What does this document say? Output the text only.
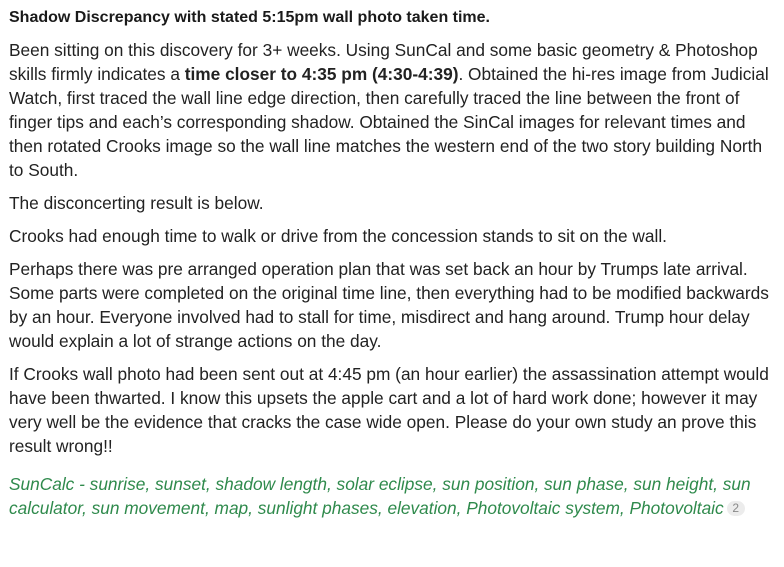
Shadow Discrepancy with stated 5:15pm wall photo taken time.

Been sitting on this discovery for 3+ weeks. Using SunCal and some basic geometry & Photoshop skills firmly indicates a time closer to 4:35 pm (4:30-4:39). Obtained the hi-res image from Judicial Watch, first traced the wall line edge direction, then carefully traced the line between the front of finger tips and each’s corresponding shadow. Obtained the SinCal images for relevant times and then rotated Crooks image so the wall line matches the western end of the two story building North to South.

The disconcerting result is below.

Crooks had enough time to walk or drive from the concession stands to sit on the wall.

Perhaps there was pre arranged operation plan that was set back an hour by Trumps late arrival. Some parts were completed on the original time line, then everything had to be modified backwards by an hour. Everyone involved had to stall for time, misdirect and hang around. Trump hour delay would explain a lot of strange actions on the day.

If Crooks wall photo had been sent out at 4:45 pm (an hour earlier) the assassination attempt would have been thwarted. I know this upsets the apple cart and a lot of hard work done; however it may very well be the evidence that cracks the case wide open. Please do your own study an prove this result wrong!!

SunCalc - sunrise, sunset, shadow length, solar eclipse, sun position, sun phase, sun height, sun calculator, sun movement, map, sunlight phases, elevation, Photovoltaic system, Photovoltaic 2
